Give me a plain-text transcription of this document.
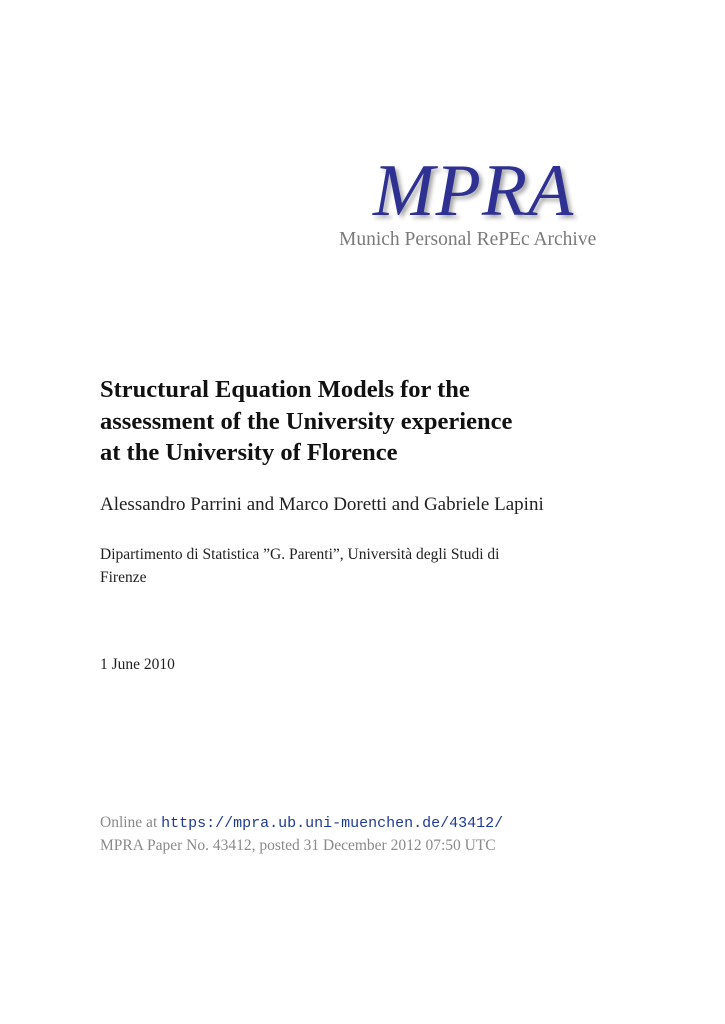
MPRA
Munich Personal RePEc Archive
Structural Equation Models for the
assessment of the University experience
at the University of Florence
Alessandro Parrini and Marco Doretti and Gabriele Lapini
Dipartimento di Statistica ”G. Parenti”, Università degli Studi di
Firenze
1 June 2010
Online at https://mpra.ub.uni-muenchen.de/43412/
MPRA Paper No. 43412, posted 31 December 2012 07:50 UTC
